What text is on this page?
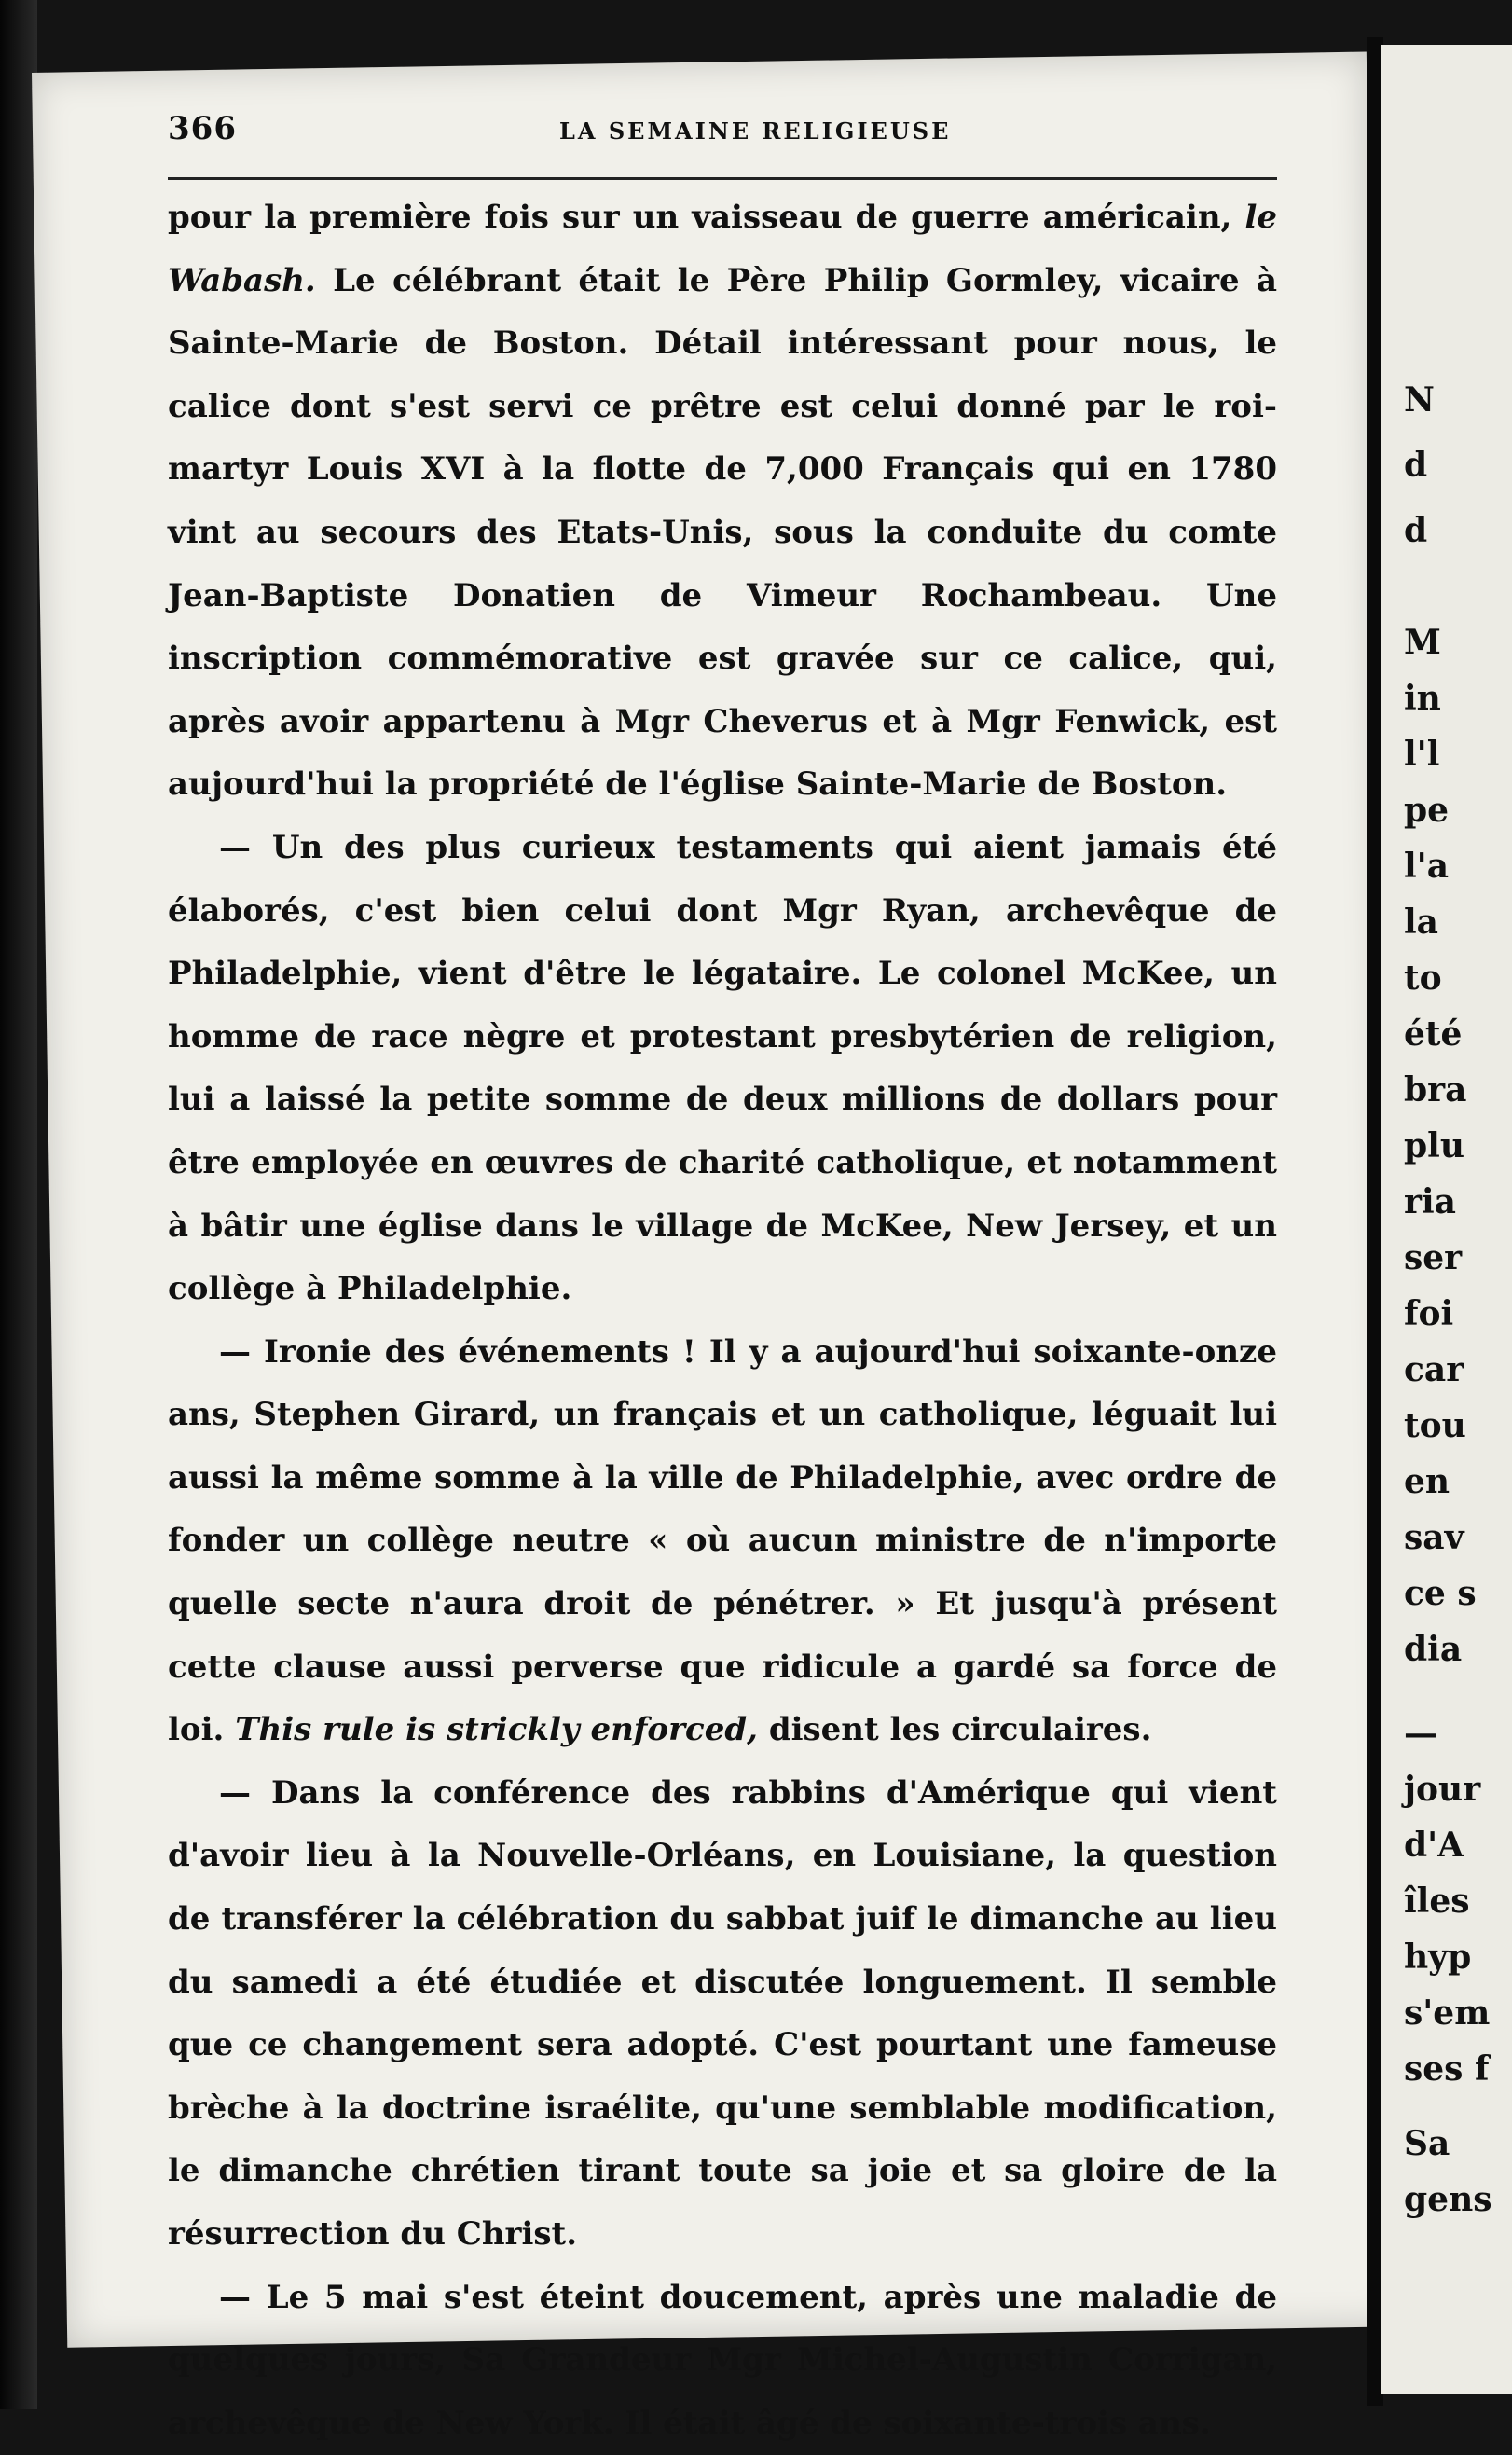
N
d
d
M
in
l'l
pe
l'a
la
to
été
bra
plu
ria
ser
foi
car
tou
en
sav
ce s
dia
—
jour
d'A
îles
hyp
s'em
ses f
Sa
gens
366	LA SEMAINE RELIGIEUSE

pour la première fois sur un vaisseau de guerre américain, le Wabash. Le célébrant était le Père Philip Gormley, vicaire à Sainte-Marie de Boston. Détail intéressant pour nous, le calice dont s'est servi ce prêtre est celui donné par le roi-martyr Louis XVI à la flotte de 7,000 Français qui en 1780 vint au secours des Etats-Unis, sous la conduite du comte Jean-Baptiste Donatien de Vimeur Rochambeau. Une inscription commémorative est gravée sur ce calice, qui, après avoir appartenu à Mgr Cheverus et à Mgr Fenwick, est aujourd'hui la propriété de l'église Sainte-Marie de Boston.

— Un des plus curieux testaments qui aient jamais été élaborés, c'est bien celui dont Mgr Ryan, archevêque de Philadelphie, vient d'être le légataire. Le colonel McKee, un homme de race nègre et protestant presbytérien de religion, lui a laissé la petite somme de deux millions de dollars pour être employée en œuvres de charité catholique, et notamment à bâtir une église dans le village de McKee, New Jersey, et un collège à Philadelphie.

— Ironie des événements ! Il y a aujourd'hui soixante-onze ans, Stephen Girard, un français et un catholique, léguait lui aussi la même somme à la ville de Philadelphie, avec ordre de fonder un collège neutre « où aucun ministre de n'importe quelle secte n'aura droit de pénétrer. » Et jusqu'à présent cette clause aussi perverse que ridicule a gardé sa force de loi. This rule is strickly enforced, disent les circulaires.

— Dans la conférence des rabbins d'Amérique qui vient d'avoir lieu à la Nouvelle-Orléans, en Louisiane, la question de transférer la célébration du sabbat juif le dimanche au lieu du samedi a été étudiée et discutée longuement. Il semble que ce changement sera adopté. C'est pourtant une fameuse brèche à la doctrine israélite, qu'une semblable modification, le dimanche chrétien tirant toute sa joie et sa gloire de la résurrection du Christ.

— Le 5 mai s'est éteint doucement, après une maladie de quelques jours, Sa Grandeur Mgr Michel-Augustin Corrigan, archevêque de New York. Il était âgé de soixante-trois ans.
